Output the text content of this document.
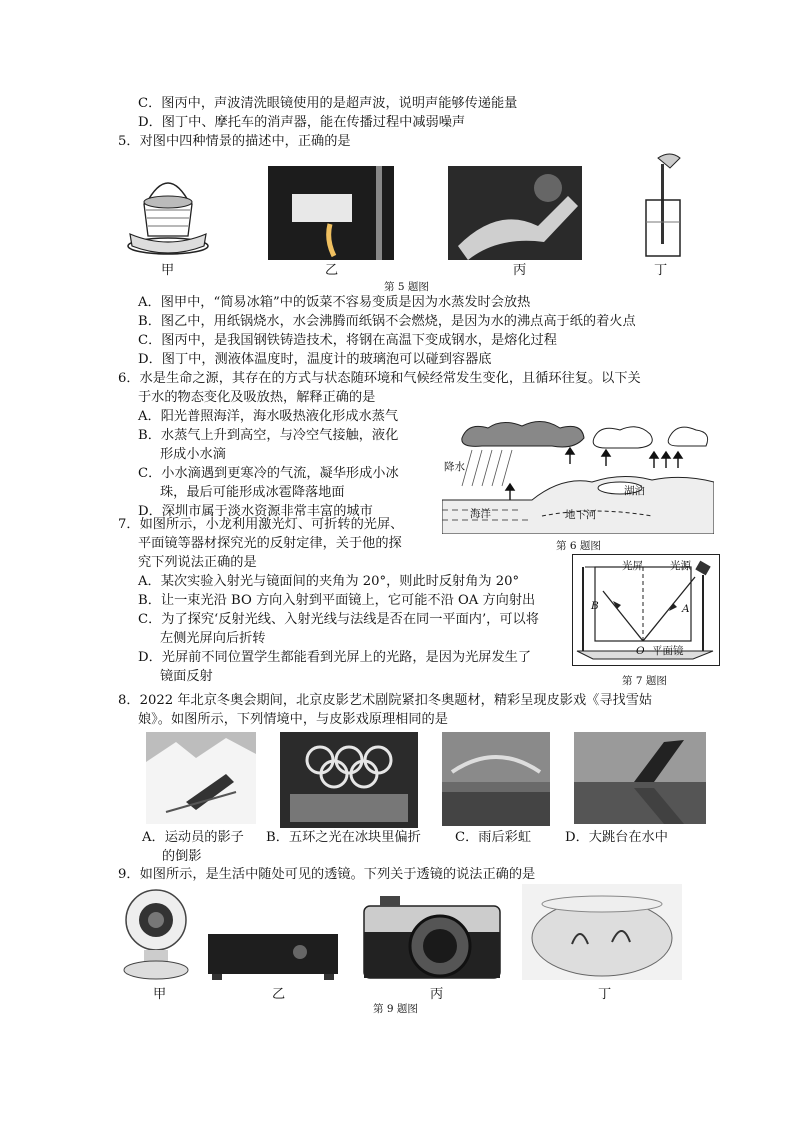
C．图丙中，声波清洗眼镜使用的是超声波，说明声能够传递能量
D．图丁中、摩托车的消声器，能在传播过程中减弱噪声
5．对图中四种情景的描述中，正确的是
甲	乙	丙	丁
第 5 题图
A．图甲中，“简易冰箱”中的饭菜不容易变质是因为水蒸发时会放热
B．图乙中，用纸锅烧水，水会沸腾而纸锅不会燃烧，是因为水的沸点高于纸的着火点
C．图丙中，是我国钢铁铸造技术，将钢在高温下变成钢水，是熔化过程
D．图丁中，测液体温度时，温度计的玻璃泡可以碰到容器底
6．水是生命之源，其存在的方式与状态随环境和气候经常发生变化，且循环往复。以下关
于水的物态变化及吸放热，解释正确的是
A．阳光普照海洋，海水吸热液化形成水蒸气
B．水蒸气上升到高空，与冷空气接触，液化
形成小水滴
C．小水滴遇到更寒冷的气流，凝华形成小冰
珠，最后可能形成冰雹降落地面
D．深圳市属于淡水资源非常丰富的城市
降水
海洋
湖泊
地下河
第 6 题图
7．如图所示，小龙利用激光灯、可折转的光屏、
平面镜等器材探究光的反射定律，关于他的探
究下列说法正确的是
A．某次实验入射光与镜面间的夹角为 20°，则此时反射角为 20°
B．让一束光沿 BO 方向入射到平面镜上，它可能不沿 OA 方向射出
C．为了探究‘反射光线、入射光线与法线是否在同一平面内’，可以将
左侧光屏向后折转
D．光屏前不同位置学生都能看到光屏上的光路，是因为光屏发生了
镜面反射
光屏	光源
B	A
O 平面镜
第 7 题图
8．2022 年北京冬奥会期间，北京皮影艺术剧院紧扣冬奥题材，精彩呈现皮影戏《寻找雪姑
娘》。如图所示，下列情境中，与皮影戏原理相同的是
A．运动员的影子
的倒影
B．五环之光在冰块里偏折	C．雨后彩虹	D．大跳台在水中
9．如图所示，是生活中随处可见的透镜。下列关于透镜的说法正确的是
甲	乙	丙	丁
第 9 题图
